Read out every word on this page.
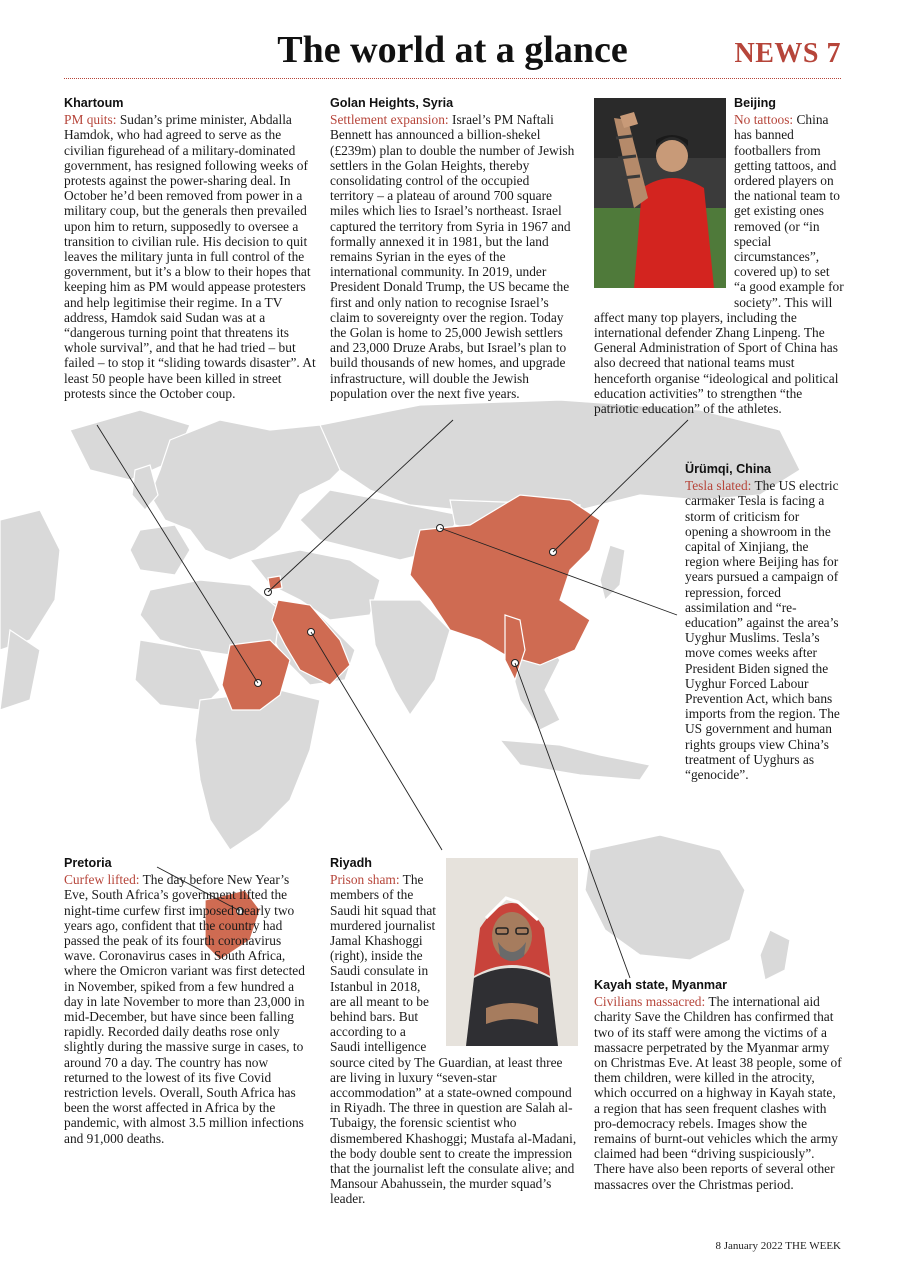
The world at a glance	NEWS 7
Khartoum

PM quits: Sudan’s prime minister, Abdalla Hamdok, who had agreed to serve as the civilian figurehead of a military-dominated government, has resigned following weeks of protests against the power-sharing deal. In October he’d been removed from power in a military coup, but the generals then prevailed upon him to return, supposedly to oversee a transition to civilian rule. His decision to quit leaves the military junta in full control of the government, but it’s a blow to their hopes that keeping him as PM would appease protesters and help legitimise their regime. In a TV address, Hamdok said Sudan was at a “dangerous turning point that threatens its whole survival”, and that he had tried – but failed – to stop it “sliding towards disaster”. At least 50 people have been killed in street protests since the October coup.

Golan Heights, Syria

Settlement expansion: Israel’s PM Naftali Bennett has announced a billion-shekel (£239m) plan to double the number of Jewish settlers in the Golan Heights, thereby consolidating control of the occupied territory – a plateau of around 700 square miles which lies to Israel’s northeast. Israel captured the territory from Syria in 1967 and formally annexed it in 1981, but the land remains Syrian in the eyes of the international community. In 2019, under President Donald Trump, the US became the first and only nation to recognise Israel’s claim to sovereignty over the region. Today the Golan is home to 25,000 Jewish settlers and 23,000 Druze Arabs, but Israel’s plan to build thousands of new homes, and upgrade infrastructure, will double the Jewish population over the next five years.

Beijing

No tattoos: China has banned footballers from getting tattoos, and ordered players on the national team to get existing ones removed (or “in special circumstances”, covered up) to set “a good example for society”. This will affect many top players, including the international defender Zhang Linpeng. The General Administration of Sport of China has also decreed that national teams must henceforth organise “ideological and political education activities” to strengthen “the patriotic education” of the athletes.

Ürümqi, China

Tesla slated: The US electric carmaker Tesla is facing a storm of criticism for opening a showroom in the capital of Xinjiang, the region where Beijing has for years pursued a campaign of repression, forced assimilation and “re-education” against the area’s Uyghur Muslims. Tesla’s move comes weeks after President Biden signed the Uyghur Forced Labour Prevention Act, which bans imports from the region. The US government and human rights groups view China’s treatment of Uyghurs as “genocide”.

Pretoria

Curfew lifted: The day before New Year’s Eve, South Africa’s government lifted the night-time curfew first imposed nearly two years ago, confident that the country had passed the peak of its fourth coronavirus wave. Coronavirus cases in South Africa, where the Omicron variant was first detected in November, spiked from a few hundred a day in late November to more than 23,000 in mid-December, but have since been falling rapidly. Recorded daily deaths rose only slightly during the massive surge in cases, to around 70 a day. The country has now returned to the lowest of its five Covid restriction levels. Overall, South Africa has been the worst affected in Africa by the pandemic, with almost 3.5 million infections and 91,000 deaths.

Riyadh

Prison sham: The members of the Saudi hit squad that murdered journalist Jamal Khashoggi (right), inside the Saudi consulate in Istanbul in 2018, are all meant to be behind bars. But according to a Saudi intelligence source cited by The Guardian, at least three are living in luxury “seven-star accommodation” at a state-owned compound in Riyadh. The three in question are Salah al-Tubaigy, the forensic scientist who dismembered Khashoggi; Mustafa al-Madani, the body double sent to create the impression that the journalist left the consulate alive; and Mansour Abahussein, the murder squad’s leader.

Kayah state, Myanmar

Civilians massacred: The international aid charity Save the Children has confirmed that two of its staff were among the victims of a massacre perpetrated by the Myanmar army on Christmas Eve. At least 38 people, some of them children, were killed in the atrocity, which occurred on a highway in Kayah state, a region that has seen frequent clashes with pro-democracy rebels. Images show the remains of burnt-out vehicles which the army claimed had been “driving suspiciously”. There have also been reports of several other massacres over the Christmas period.

8 January 2022 THE WEEK
